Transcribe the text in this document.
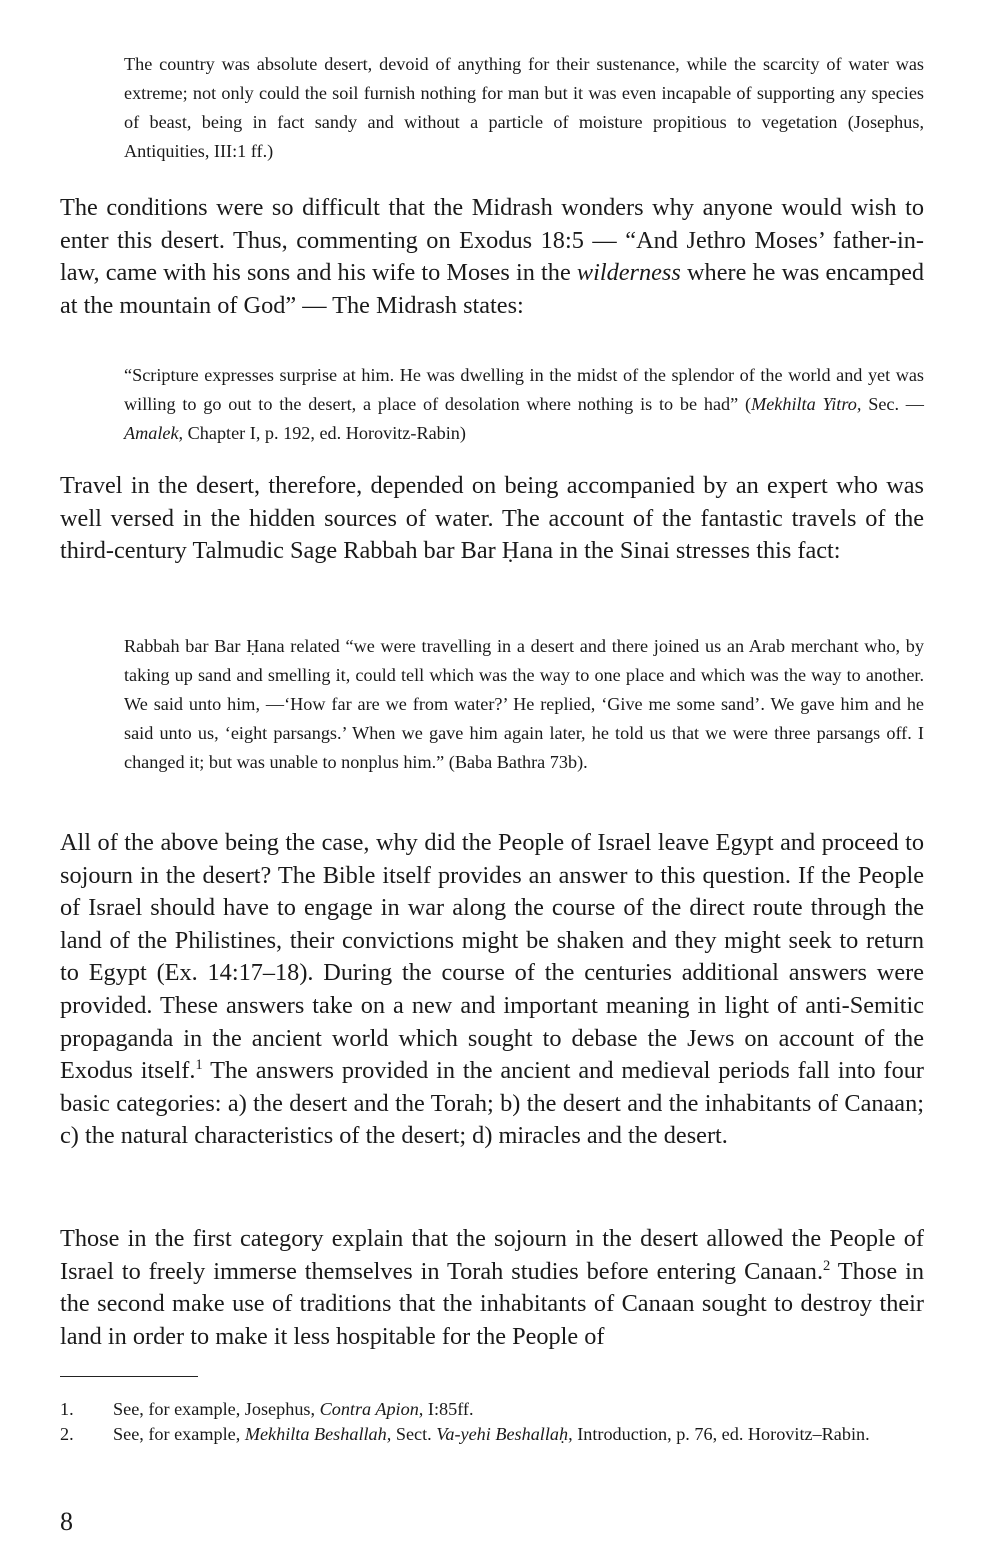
The country was absolute desert, devoid of anything for their sustenance, while the scarcity of water was extreme; not only could the soil furnish nothing for man but it was even incapable of supporting any species of beast, being in fact sandy and without a particle of moisture propitious to vegetation (Josephus, Antiquities, III:1 ff.)

The conditions were so difficult that the Midrash wonders why anyone would wish to enter this desert. Thus, commenting on Exodus 18:5 — “And Jethro Moses’ father-in-law, came with his sons and his wife to Moses in the wilderness where he was encamped at the mountain of God” — The Midrash states:

“Scripture expresses surprise at him. He was dwelling in the midst of the splendor of the world and yet was willing to go out to the desert, a place of desolation where nothing is to be had” (Mekhilta Yitro, Sec. —Amalek, Chapter I, p. 192, ed. Horovitz-Rabin)

Travel in the desert, therefore, depended on being accompanied by an expert who was well versed in the hidden sources of water. The account of the fantastic travels of the third-century Talmudic Sage Rabbah bar Bar Ḥana in the Sinai stresses this fact:

Rabbah bar Bar Ḥana related “we were travelling in a desert and there joined us an Arab merchant who, by taking up sand and smelling it, could tell which was the way to one place and which was the way to another. We said unto him, —‘How far are we from water?’ He replied, ‘Give me some sand’. We gave him and he said unto us, ‘eight parsangs.’ When we gave him again later, he told us that we were three parsangs off. I changed it; but was unable to nonplus him.” (Baba Bathra 73b).

All of the above being the case, why did the People of Israel leave Egypt and proceed to sojourn in the desert? The Bible itself provides an answer to this question. If the People of Israel should have to engage in war along the course of the direct route through the land of the Philistines, their convictions might be shaken and they might seek to return to Egypt (Ex. 14:17–18). During the course of the centuries additional answers were provided. These answers take on a new and important meaning in light of anti-Semitic propaganda in the ancient world which sought to debase the Jews on account of the Exodus itself.$^1$ The answers provided in the ancient and medieval periods fall into four basic categories: a) the desert and the Torah; b) the desert and the inhabitants of Canaan; c) the natural characteristics of the desert; d) miracles and the desert.

Those in the first category explain that the sojourn in the desert allowed the People of Israel to freely immerse themselves in Torah studies before entering Canaan.$^2$ Those in the second make use of traditions that the inhabitants of Canaan sought to destroy their land in order to make it less hospitable for the People of

1. See, for example, Josephus, Contra Apion, I:85ff.

2. See, for example, Mekhilta Beshallah, Sect. Va-yehi Beshallaḥ, Introduction, p. 76, ed. Horovitz–Rabin.

8
